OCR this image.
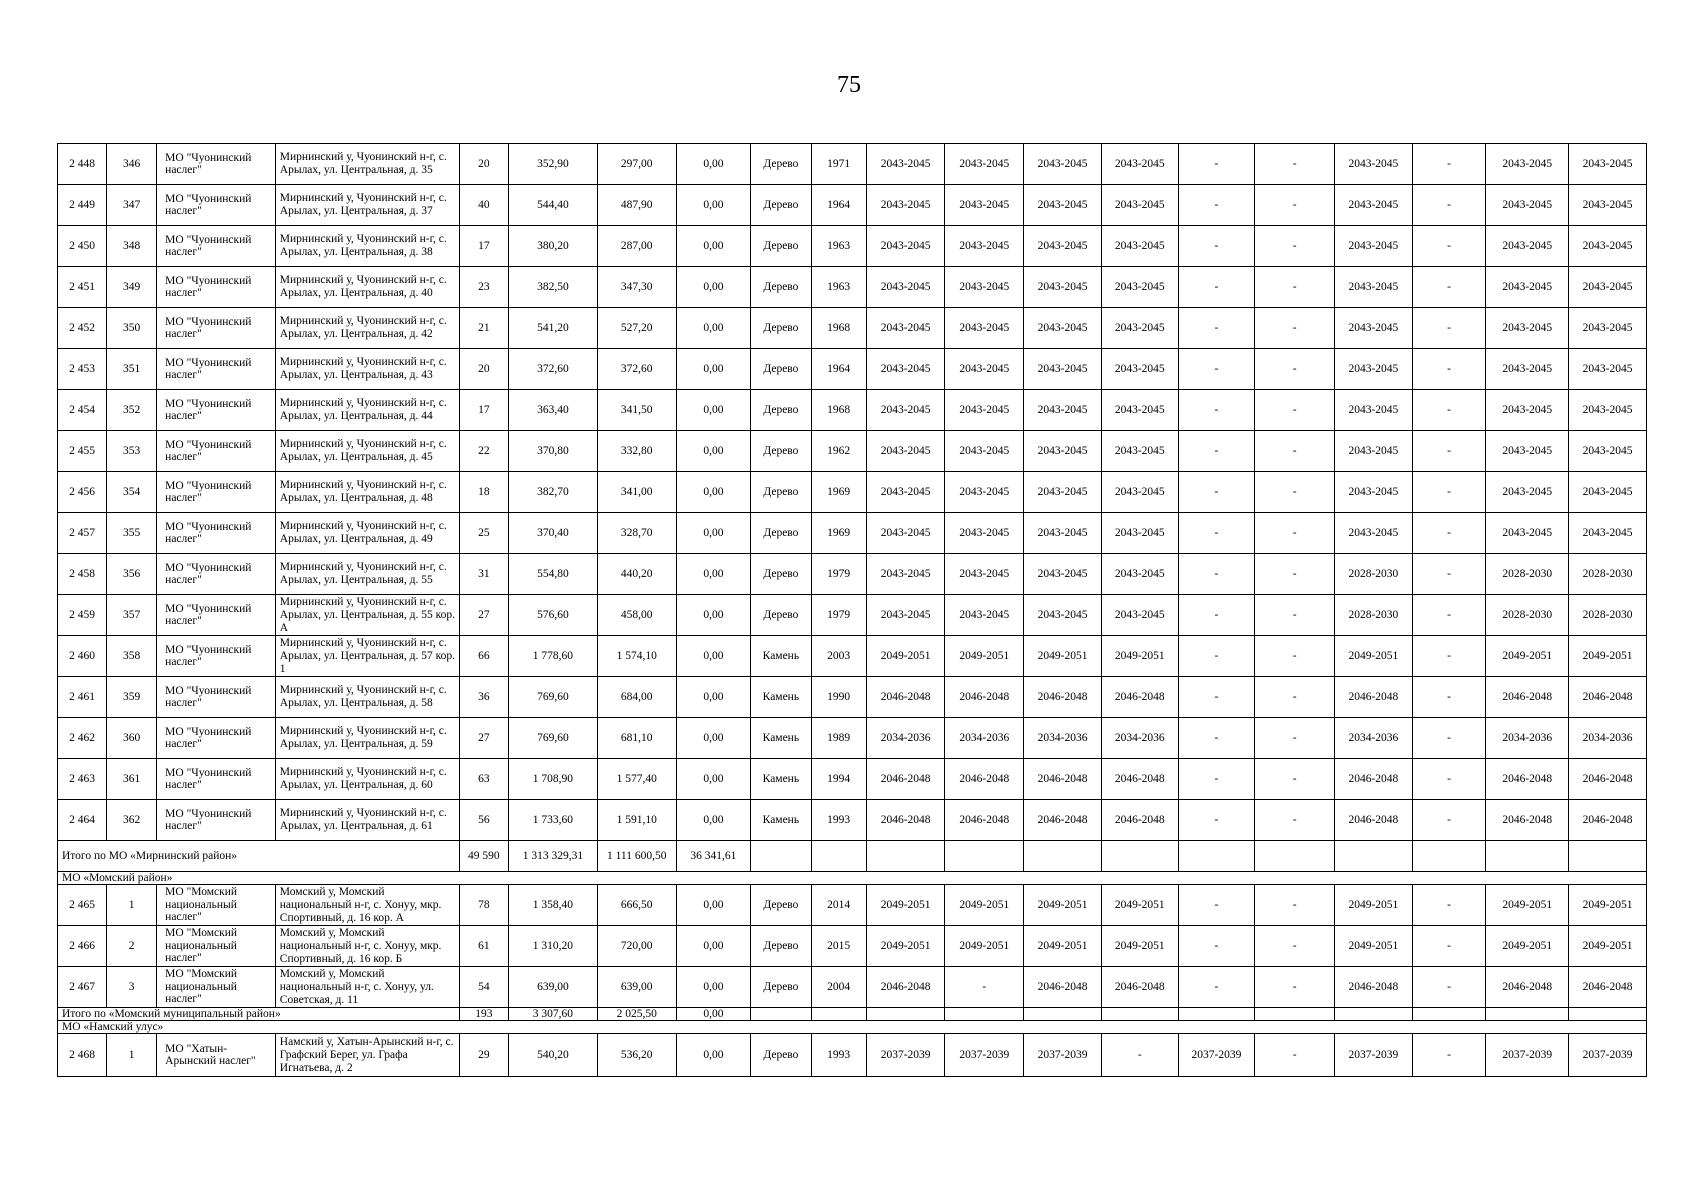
75
2 448	346	МО "Чуонинский наслег"	Мирнинский у, Чуонинский н-г, с. Арылах, ул. Центральная, д. 35	20	352,90	297,00	0,00	Дерево	1971	2043-2045	2043-2045	2043-2045	2043-2045	-	-	2043-2045	-	2043-2045	2043-2045
2 449	347	МО "Чуонинский наслег"	Мирнинский у, Чуонинский н-г, с. Арылах, ул. Центральная, д. 37	40	544,40	487,90	0,00	Дерево	1964	2043-2045	2043-2045	2043-2045	2043-2045	-	-	2043-2045	-	2043-2045	2043-2045
2 450	348	МО "Чуонинский наслег"	Мирнинский у, Чуонинский н-г, с. Арылах, ул. Центральная, д. 38	17	380,20	287,00	0,00	Дерево	1963	2043-2045	2043-2045	2043-2045	2043-2045	-	-	2043-2045	-	2043-2045	2043-2045
2 451	349	МО "Чуонинский наслег"	Мирнинский у, Чуонинский н-г, с. Арылах, ул. Центральная, д. 40	23	382,50	347,30	0,00	Дерево	1963	2043-2045	2043-2045	2043-2045	2043-2045	-	-	2043-2045	-	2043-2045	2043-2045
2 452	350	МО "Чуонинский наслег"	Мирнинский у, Чуонинский н-г, с. Арылах, ул. Центральная, д. 42	21	541,20	527,20	0,00	Дерево	1968	2043-2045	2043-2045	2043-2045	2043-2045	-	-	2043-2045	-	2043-2045	2043-2045
2 453	351	МО "Чуонинский наслег"	Мирнинский у, Чуонинский н-г, с. Арылах, ул. Центральная, д. 43	20	372,60	372,60	0,00	Дерево	1964	2043-2045	2043-2045	2043-2045	2043-2045	-	-	2043-2045	-	2043-2045	2043-2045
2 454	352	МО "Чуонинский наслег"	Мирнинский у, Чуонинский н-г, с. Арылах, ул. Центральная, д. 44	17	363,40	341,50	0,00	Дерево	1968	2043-2045	2043-2045	2043-2045	2043-2045	-	-	2043-2045	-	2043-2045	2043-2045
2 455	353	МО "Чуонинский наслег"	Мирнинский у, Чуонинский н-г, с. Арылах, ул. Центральная, д. 45	22	370,80	332,80	0,00	Дерево	1962	2043-2045	2043-2045	2043-2045	2043-2045	-	-	2043-2045	-	2043-2045	2043-2045
2 456	354	МО "Чуонинский наслег"	Мирнинский у, Чуонинский н-г, с. Арылах, ул. Центральная, д. 48	18	382,70	341,00	0,00	Дерево	1969	2043-2045	2043-2045	2043-2045	2043-2045	-	-	2043-2045	-	2043-2045	2043-2045
2 457	355	МО "Чуонинский наслег"	Мирнинский у, Чуонинский н-г, с. Арылах, ул. Центральная, д. 49	25	370,40	328,70	0,00	Дерево	1969	2043-2045	2043-2045	2043-2045	2043-2045	-	-	2043-2045	-	2043-2045	2043-2045
2 458	356	МО "Чуонинский наслег"	Мирнинский у, Чуонинский н-г, с. Арылах, ул. Центральная, д. 55	31	554,80	440,20	0,00	Дерево	1979	2043-2045	2043-2045	2043-2045	2043-2045	-	-	2028-2030	-	2028-2030	2028-2030
2 459	357	МО "Чуонинский наслег"	Мирнинский у, Чуонинский н-г, с. Арылах, ул. Центральная, д. 55 кор. А	27	576,60	458,00	0,00	Дерево	1979	2043-2045	2043-2045	2043-2045	2043-2045	-	-	2028-2030	-	2028-2030	2028-2030
2 460	358	МО "Чуонинский наслег"	Мирнинский у, Чуонинский н-г, с. Арылах, ул. Центральная, д. 57 кор. 1	66	1 778,60	1 574,10	0,00	Камень	2003	2049-2051	2049-2051	2049-2051	2049-2051	-	-	2049-2051	-	2049-2051	2049-2051
2 461	359	МО "Чуонинский наслег"	Мирнинский у, Чуонинский н-г, с. Арылах, ул. Центральная, д. 58	36	769,60	684,00	0,00	Камень	1990	2046-2048	2046-2048	2046-2048	2046-2048	-	-	2046-2048	-	2046-2048	2046-2048
2 462	360	МО "Чуонинский наслег"	Мирнинский у, Чуонинский н-г, с. Арылах, ул. Центральная, д. 59	27	769,60	681,10	0,00	Камень	1989	2034-2036	2034-2036	2034-2036	2034-2036	-	-	2034-2036	-	2034-2036	2034-2036
2 463	361	МО "Чуонинский наслег"	Мирнинский у, Чуонинский н-г, с. Арылах, ул. Центральная, д. 60	63	1 708,90	1 577,40	0,00	Камень	1994	2046-2048	2046-2048	2046-2048	2046-2048	-	-	2046-2048	-	2046-2048	2046-2048
2 464	362	МО "Чуонинский наслег"	Мирнинский у, Чуонинский н-г, с. Арылах, ул. Центральная, д. 61	56	1 733,60	1 591,10	0,00	Камень	1993	2046-2048	2046-2048	2046-2048	2046-2048	-	-	2046-2048	-	2046-2048	2046-2048
Итого по МО «Мирнинский район»				49 590	1 313 329,31	1 111 600,50	36 341,61												
МО «Момский район»																			
2 465	1	МО "Момский национальный наслег"	Момский у, Момский национальный н-г, с. Хонуу, мкр. Спортивный, д. 16 кор. А	78	1 358,40	666,50	0,00	Дерево	2014	2049-2051	2049-2051	2049-2051	2049-2051	-	-	2049-2051	-	2049-2051	2049-2051
2 466	2	МО "Момский национальный наслег"	Момский у, Момский национальный н-г, с. Хонуу, мкр. Спортивный, д. 16 кор. Б	61	1 310,20	720,00	0,00	Дерево	2015	2049-2051	2049-2051	2049-2051	2049-2051	-	-	2049-2051	-	2049-2051	2049-2051
2 467	3	МО "Момский национальный наслег"	Момский у, Момский национальный н-г, с. Хонуу, ул. Советская, д. 11	54	639,00	639,00	0,00	Дерево	2004	2046-2048	-	2046-2048	2046-2048	-	-	2046-2048	-	2046-2048	2046-2048
Итого по «Момский муниципальный район»				193	3 307,60	2 025,50	0,00												
МО «Намский улус»																			
2 468	1	МО "Хатын-Арынский наслег"	Намский у, Хатын-Арынский н-г, с. Графский Берег, ул. Графа Игнатьева, д. 2	29	540,20	536,20	0,00	Дерево	1993	2037-2039	2037-2039	2037-2039	-	2037-2039	-	2037-2039	-	2037-2039	2037-2039
